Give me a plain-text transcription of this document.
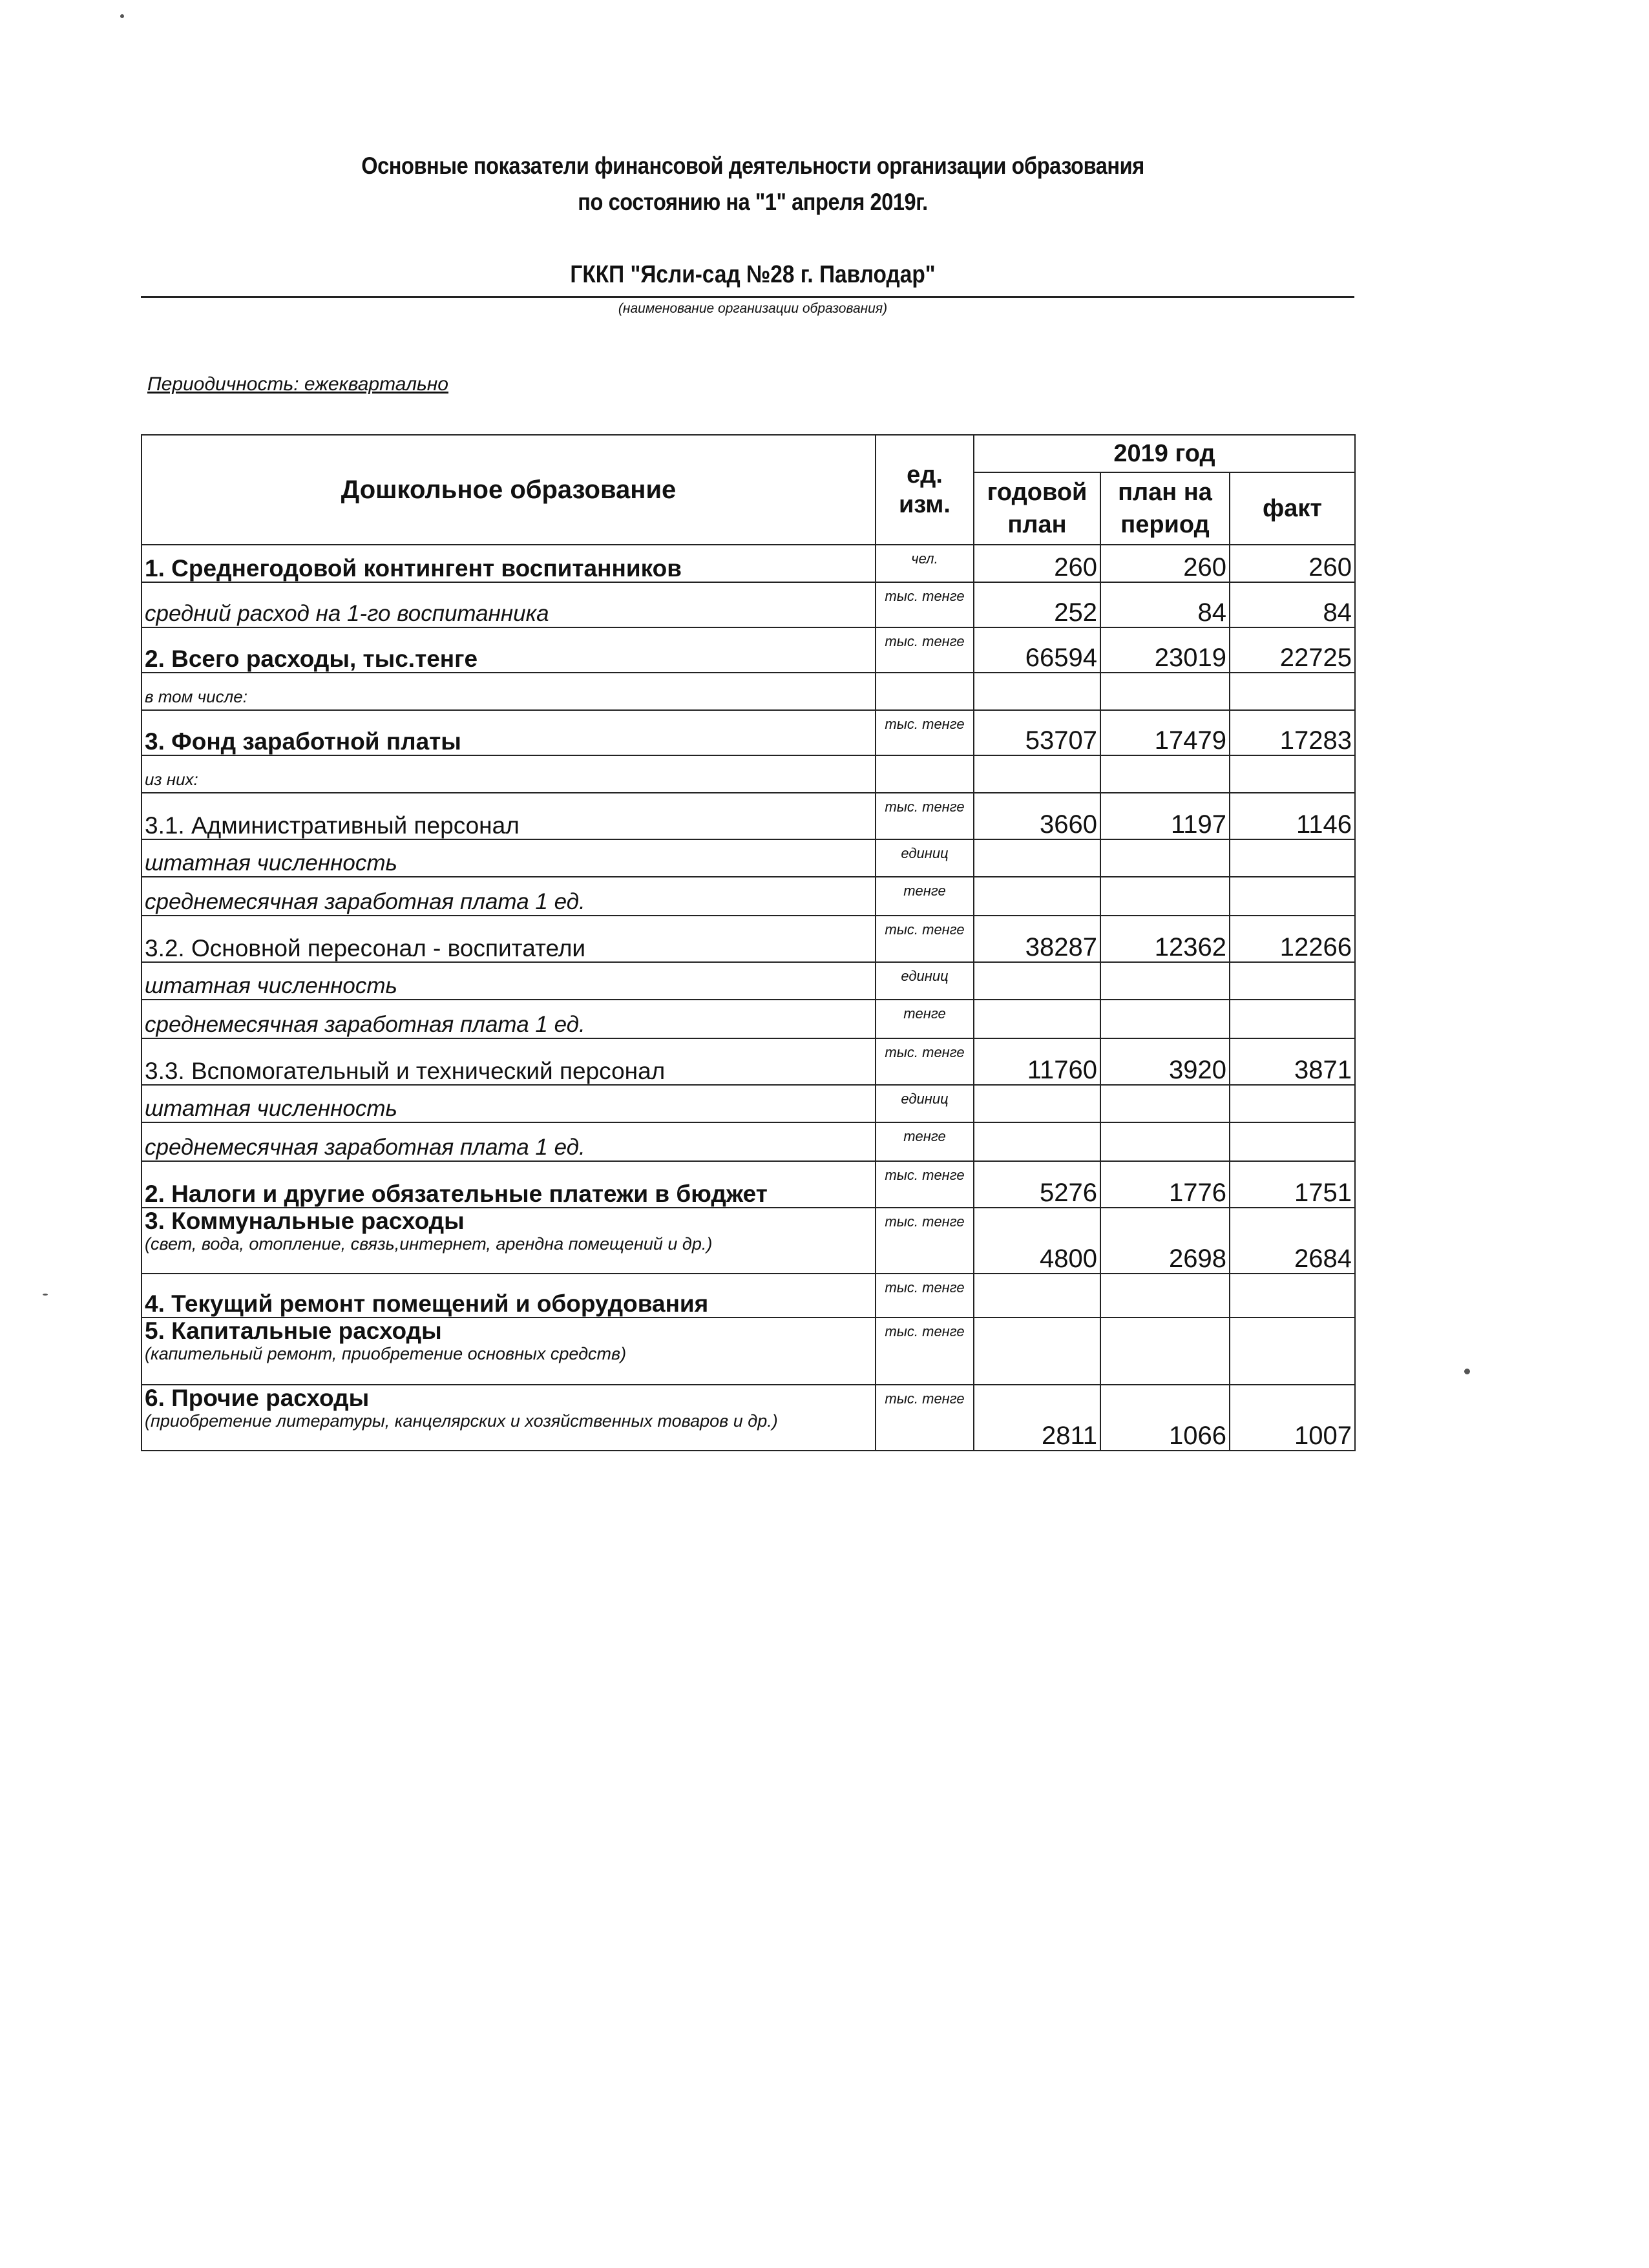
Основные показатели финансовой деятельности организации образования
по состоянию на "1" апреля 2019г.
ГККП "Ясли-сад №28 г. Павлодар"
(наименование организации образования)
Периодичность: ежеквартально
Дошкольное образование	ед. изм.	2019 год		
		годовой план	план на период	факт
1. Среднегодовой контингент воспитанников	чел.	260	260	260
средний расход на 1-го воспитанника	тыс. тенге	252	84	84
2. Всего расходы, тыс.тенге	тыс. тенге	66594	23019	22725
в том числе:				
3. Фонд заработной платы	тыс. тенге	53707	17479	17283
из них:				
3.1. Административный персонал	тыс. тенге	3660	1197	1146
штатная численность	единиц			
среднемесячная заработная плата 1 ед.	тенге			
3.2. Основной пересонал - воспитатели	тыс. тенге	38287	12362	12266
штатная численность	единиц			
среднемесячная заработная плата 1 ед.	тенге			
3.3. Вспомогательный и технический персонал	тыс. тенге	11760	3920	3871
штатная численность	единиц			
среднемесячная заработная плата 1 ед.	тенге			
2. Налоги и другие обязательные платежи в бюджет	тыс. тенге	5276	1776	1751
3. Коммунальные расходы
(свет, вода, отопление, связь,интернет, арендна помещений и др.)	тыс. тенге	4800	2698	2684
4. Текущий ремонт помещений и оборудования	тыс. тенге			
5. Капитальные расходы
(капительный ремонт, приобретение основных средств)	тыс. тенге			
6. Прочие расходы
(приобретение литературы, канцелярских и хозяйственных товаров и др.)	тыс. тенге	2811	1066	1007
